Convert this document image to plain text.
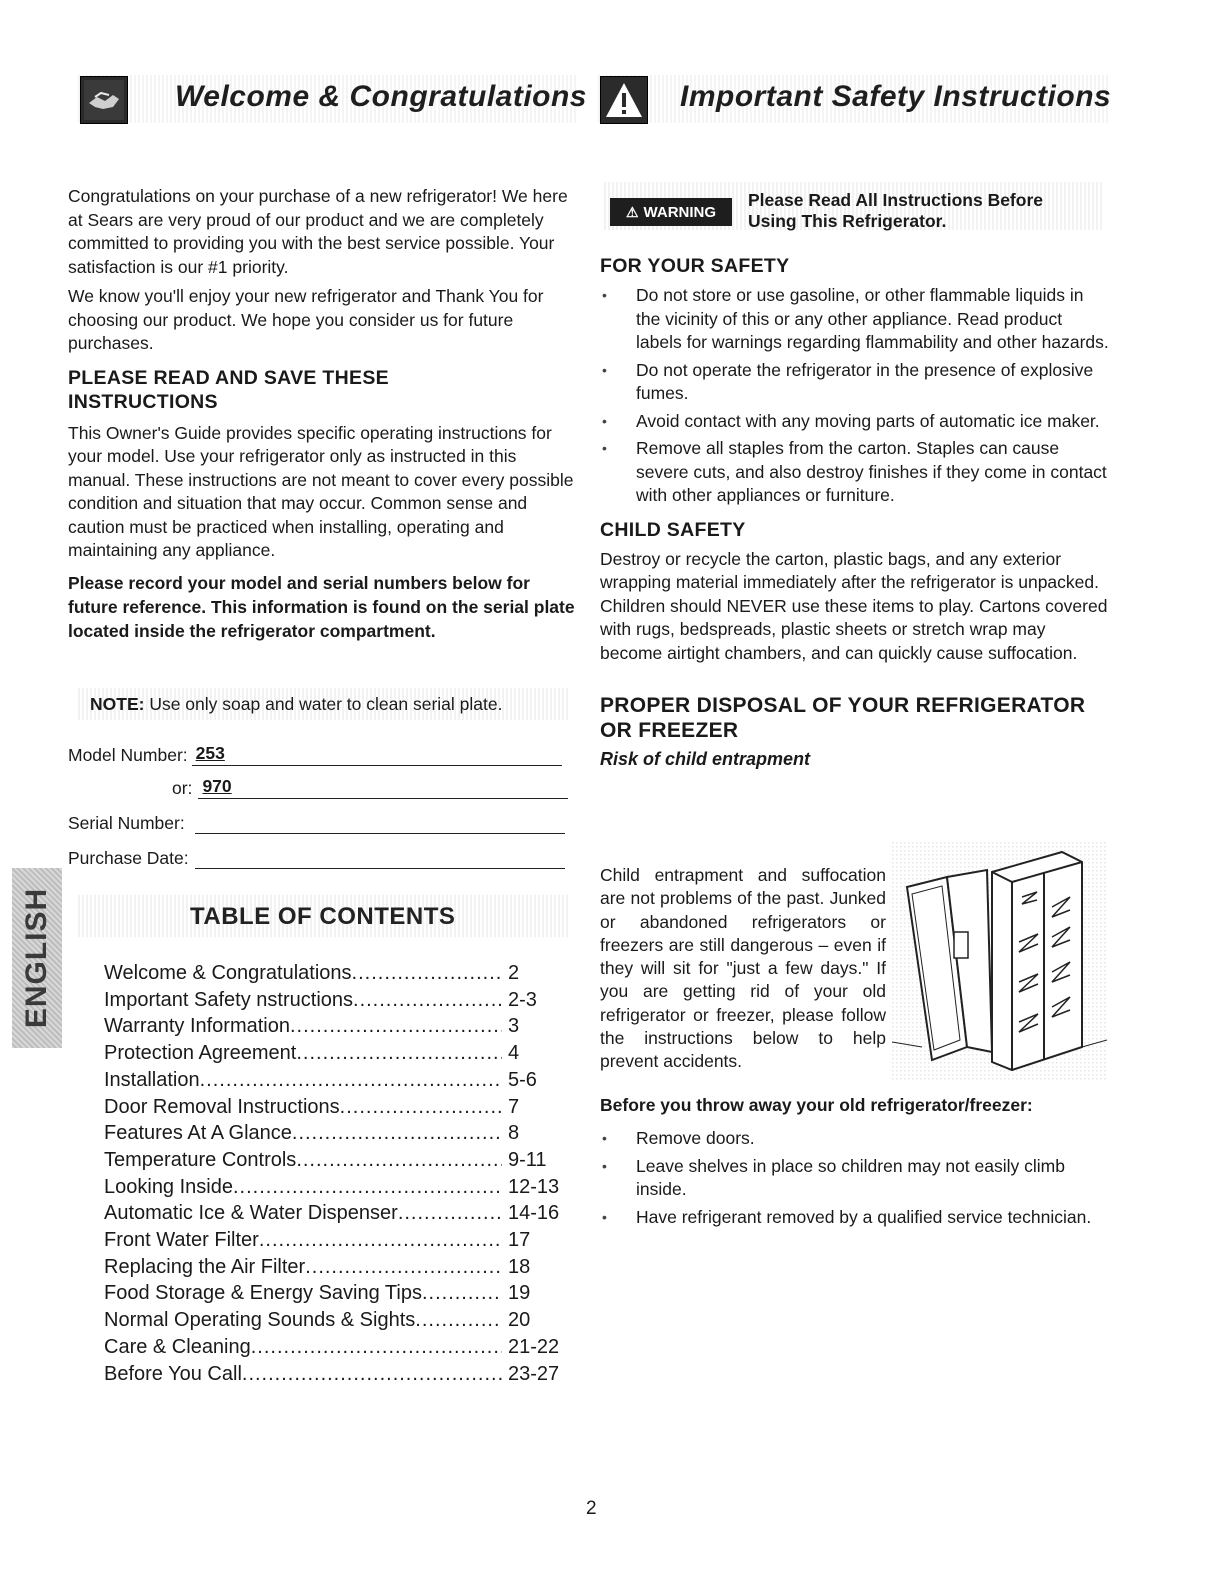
Welcome & Congratulations	Important Safety Instructions

Congratulations on your purchase of a new refrigerator! We here at Sears are very proud of our product and we are completely committed to providing you with the best service possible. Your satisfaction is our #1 priority.

We know you'll enjoy your new refrigerator and Thank You for choosing our product. We hope you consider us for future purchases.

PLEASE READ AND SAVE THESE INSTRUCTIONS

This Owner's Guide provides specific operating instructions for your model. Use your refrigerator only as instructed in this manual. These instructions are not meant to cover every possible condition and situation that may occur. Common sense and caution must be practiced when installing, operating and maintaining any appliance.

Please record your model and serial numbers below for future reference. This information is found on the serial plate located inside the refrigerator compartment.

NOTE: Use only soap and water to clean serial plate.
Model Number: 253
or: 970
Serial Number:
Purchase Date:
ENGLISH	TABLE OF CONTENTS
Welcome & Congratulations .....	2
Important Safety nstructions .....	2-3
Warranty Information .....	3
Protection Agreement .....	4
Installation .....	5-6
Door Removal Instructions .....	7
Features At A Glance .....	8
Temperature Controls .....	9-11
Looking Inside .....	12-13
Automatic Ice & Water Dispenser .....	14-16
Front Water Filter .....	17
Replacing the Air Filter .....	18
Food Storage & Energy Saving Tips .....	19
Normal Operating Sounds & Sights .....	20
Care & Cleaning .....	21-22
Before You Call .....	23-27
⚠ WARNING
Please Read All Instructions Before Using This Refrigerator.

FOR YOUR SAFETY

• Do not store or use gasoline, or other flammable liquids in the vicinity of this or any other appliance. Read product labels for warnings regarding flammability and other hazards.
• Do not operate the refrigerator in the presence of explosive fumes.
• Avoid contact with any moving parts of automatic ice maker.
• Remove all staples from the carton. Staples can cause severe cuts, and also destroy finishes if they come in contact with other appliances or furniture.

CHILD SAFETY

Destroy or recycle the carton, plastic bags, and any exterior wrapping material immediately after the refrigerator is unpacked. Children should NEVER use these items to play. Cartons covered with rugs, bedspreads, plastic sheets or stretch wrap may become airtight chambers, and can quickly cause suffocation.

PROPER DISPOSAL OF YOUR REFRIGERATOR OR FREEZER

Risk of child entrapment

Child entrapment and suffocation are not problems of the past. Junked or abandoned refrigerators or freezers are still dangerous – even if they will sit for "just a few days." If you are getting rid of your old refrigerator or freezer, please follow the instructions below to help prevent accidents.

Before you throw away your old refrigerator/freezer:

• Remove doors.
• Leave shelves in place so children may not easily climb inside.
• Have refrigerant removed by a qualified service technician.
2
